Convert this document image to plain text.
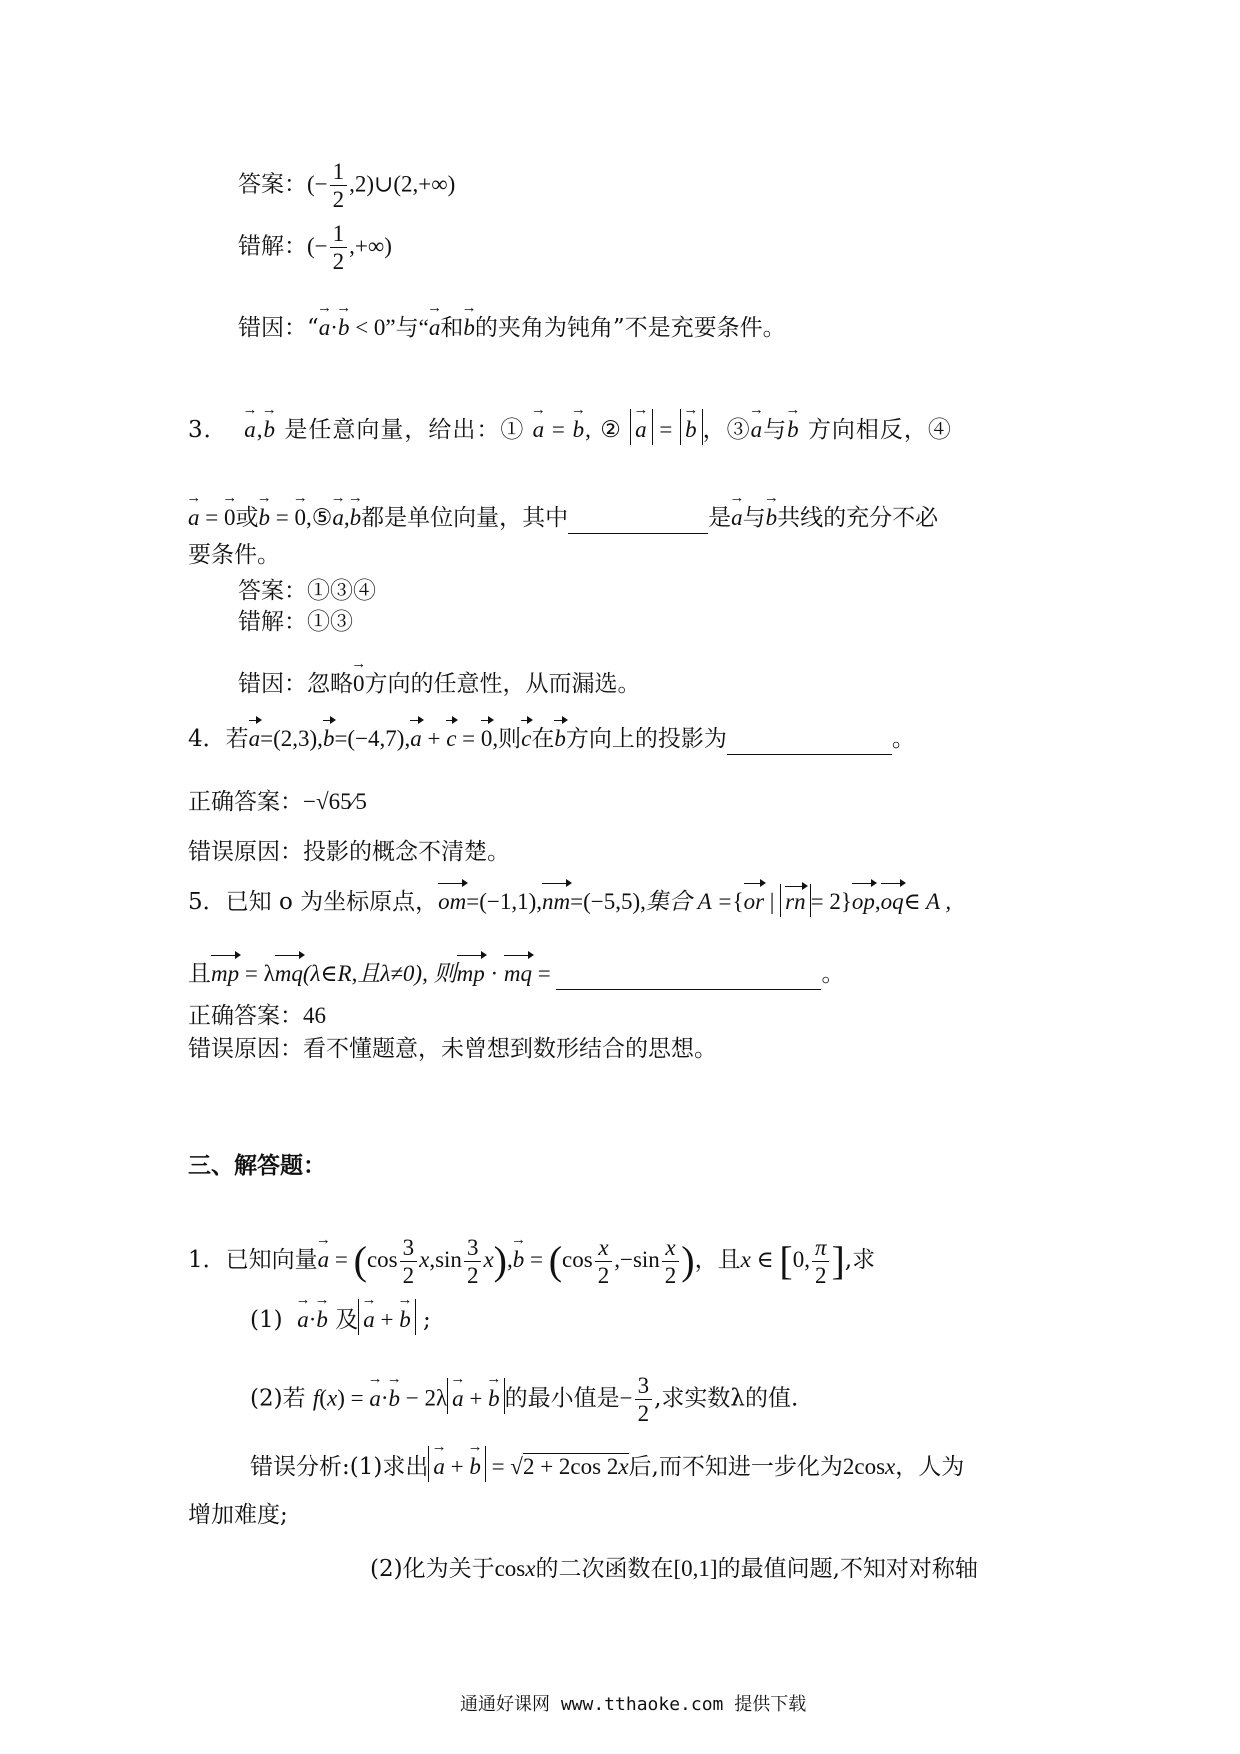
答案：(− $\frac{1}{2}$ ,2)∪(2,+∞)
错解：(− $\frac{1}{2}$ ,+∞)
错因：“→ a·→ b < 0”与“→ a和→ b的夹角为钝角”不是充要条件。
3． → a,→ b 是任意向量，给出：① → a = → b, ② → a = → b ，③→ a与→ b 方向相反，④
→ a = → 0或→ b = → 0,⑤→ a,→ b都是单位向量，其中	是→ a与→ b共线的充分不必
要条件。
答案：①③④
错解：①③
错因：忽略→ 0方向的任意性，从而漏选。
4．若a=(2,3),b=(−4,7),a + c = 0,则c在b方向上的投影为	。
正确答案：−√65⁄5
错误原因：投影的概念不清楚。
5．已知 o 为坐标原点，om=(−1,1),nm=(−5,5),集合 A ={or | rn = 2}op,oq∈ A ,
且mp = λmq(λ∈R,且λ≠0), 则mp · mq =	。
正确答案：46
错误原因：看不懂题意，未曾想到数形结合的思想。
三、解答题：
1．已知向量→ $a = (\cos \frac{3}{2} x,\sin \frac{3}{2} x),\to b = (\cos \frac{x}{2} ,-\sin \frac{x}{2}$ )，且x ∈ [0, $\frac{\pi}{2}$ ],求
(1) → a·→ b 及 → a + → b ;
(2)若 f(x) = → a·→ b − 2λ → a + → b 的最小值是− $\frac{3}{2}$ ,求实数λ的值.
错误分析:(1)求出 → a + → b = √2 + 2cos 2x后,而不知进一步化为2cosx，人为
增加难度;
(2)化为关于cosx的二次函数在[0,1]的最值问题,不知对对称轴
通通好课网 www.tthaoke.com 提供下载
